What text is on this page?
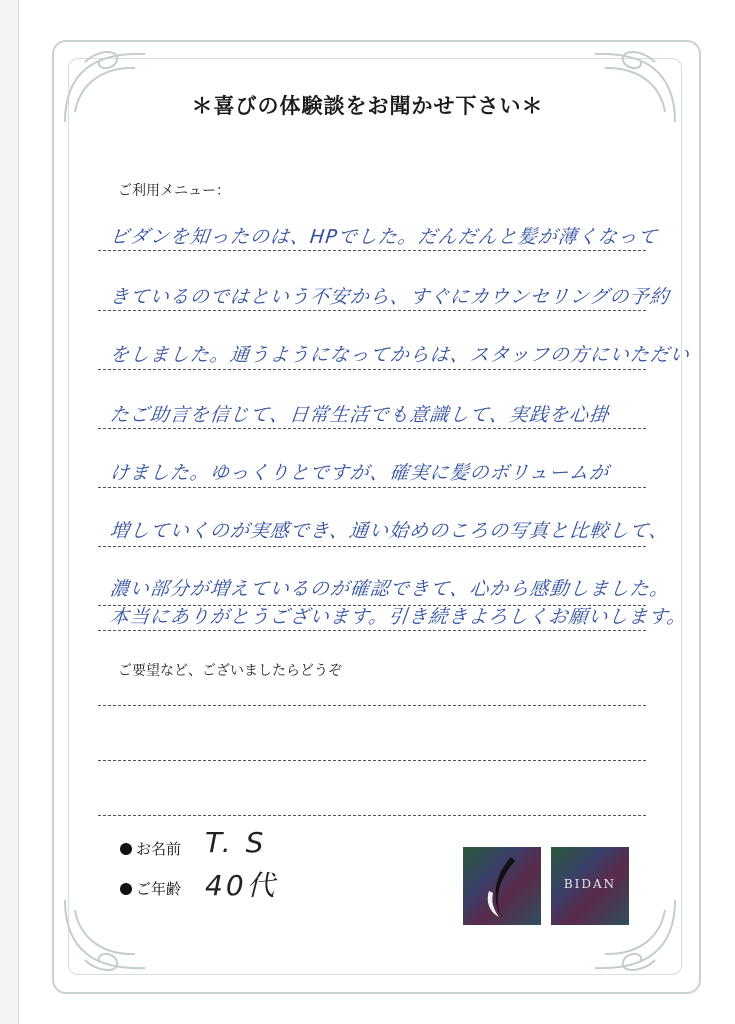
＊喜びの体験談をお聞かせ下さい＊
ご利用メニュー：
ビダンを知ったのは、HPでした。だんだんと髪が薄くなって
きているのではという不安から、すぐにカウンセリングの予約
をしました。通うようになってからは、スタッフの方にいただい
たご助言を信じて、日常生活でも意識して、実践を心掛
けました。ゆっくりとですが、確実に髪のボリュームが
増していくのが実感でき、通い始めのころの写真と比較して、
濃い部分が増えているのが確認できて、心から感動しました。
本当にありがとうございます。引き続きよろしくお願いします。
ご要望など、ございましたらどうぞ
お名前 T. S
ご年齢 40代	BIDAN
